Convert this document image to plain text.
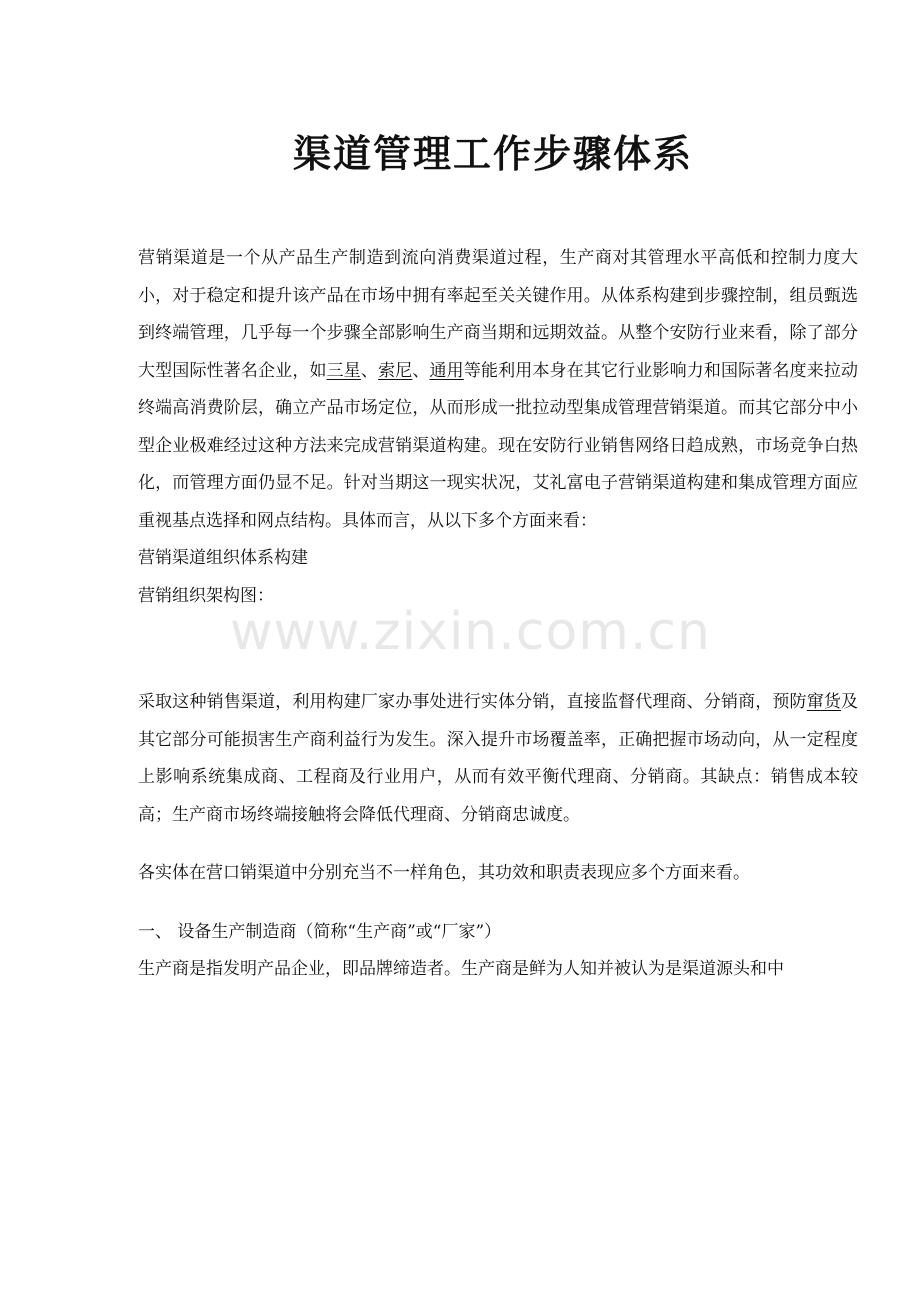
渠道管理工作步骤体系

营销渠道是一个从产品生产制造到流向消费渠道过程，生产商对其管理水平高低和控制力度大小，对于稳定和提升该产品在市场中拥有率起至关关键作用。从体系构建到步骤控制，组员甄选到终端管理，几乎每一个步骤全部影响生产商当期和远期效益。从整个安防行业来看，除了部分大型国际性著名企业，如三星、索尼、通用等能利用本身在其它行业影响力和国际著名度来拉动终端高消费阶层，确立产品市场定位，从而形成一批拉动型集成管理营销渠道。而其它部分中小型企业极难经过这种方法来完成营销渠道构建。现在安防行业销售网络日趋成熟，市场竞争白热化，而管理方面仍显不足。针对当期这一现实状况，艾礼富电子营销渠道构建和集成管理方面应重视基点选择和网点结构。具体而言，从以下多个方面来看：

营销渠道组织体系构建

营销组织架构图：

采取这种销售渠道，利用构建厂家办事处进行实体分销，直接监督代理商、分销商，预防窜货及其它部分可能损害生产商利益行为发生。深入提升市场覆盖率，正确把握市场动向，从一定程度上影响系统集成商、工程商及行业用户，从而有效平衡代理商、分销商。其缺点：销售成本较高；生产商市场终端接触将会降低代理商、分销商忠诚度。

各实体在营口销渠道中分别充当不一样角色，其功效和职责表现应多个方面来看。

一、 设备生产制造商（简称“生产商”或“厂家”）

生产商是指发明产品企业，即品牌缔造者。生产商是鲜为人知并被认为是渠道源头和中

www.zixin.com.cn
